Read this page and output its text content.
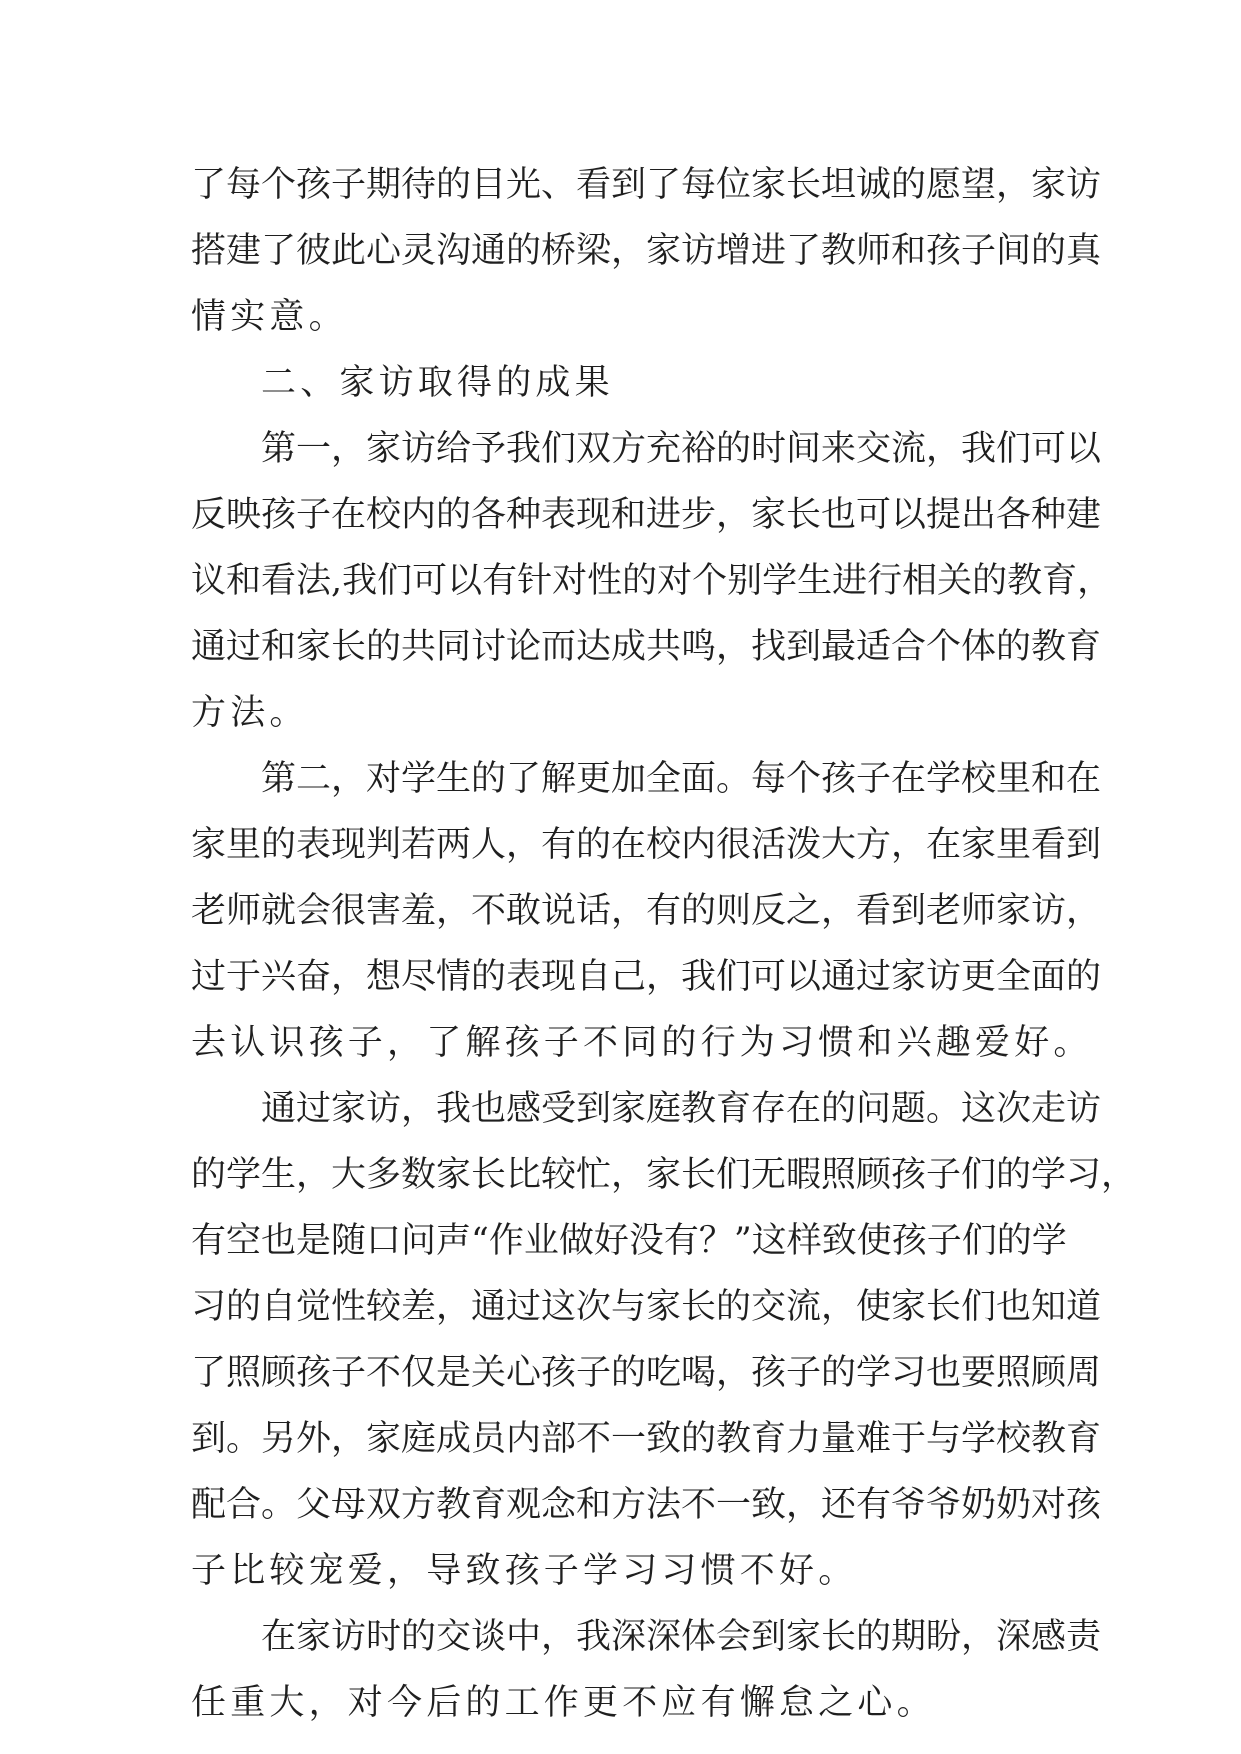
了每个孩子期待的目光、看到了每位家长坦诚的愿望，家访
搭建了彼此心灵沟通的桥梁，家访增进了教师和孩子间的真
情实意。
二、家访取得的成果
第一，家访给予我们双方充裕的时间来交流，我们可以
反映孩子在校内的各种表现和进步，家长也可以提出各种建
议和看法,我们可以有针对性的对个别学生进行相关的教育，
通过和家长的共同讨论而达成共鸣，找到最适合个体的教育
方法。
第二，对学生的了解更加全面。每个孩子在学校里和在
家里的表现判若两人，有的在校内很活泼大方，在家里看到
老师就会很害羞，不敢说话，有的则反之，看到老师家访，
过于兴奋，想尽情的表现自己，我们可以通过家访更全面的
去认识孩子，了解孩子不同的行为习惯和兴趣爱好。
通过家访，我也感受到家庭教育存在的问题。这次走访
的学生，大多数家长比较忙，家长们无暇照顾孩子们的学习，
有空也是随口问声“作业做好没有？”这样致使孩子们的学
习的自觉性较差，通过这次与家长的交流，使家长们也知道
了照顾孩子不仅是关心孩子的吃喝，孩子的学习也要照顾周
到。另外，家庭成员内部不一致的教育力量难于与学校教育
配合。父母双方教育观念和方法不一致，还有爷爷奶奶对孩
子比较宠爱，导致孩子学习习惯不好。
在家访时的交谈中，我深深体会到家长的期盼，深感责
任重大，对今后的工作更不应有懈怠之心。
